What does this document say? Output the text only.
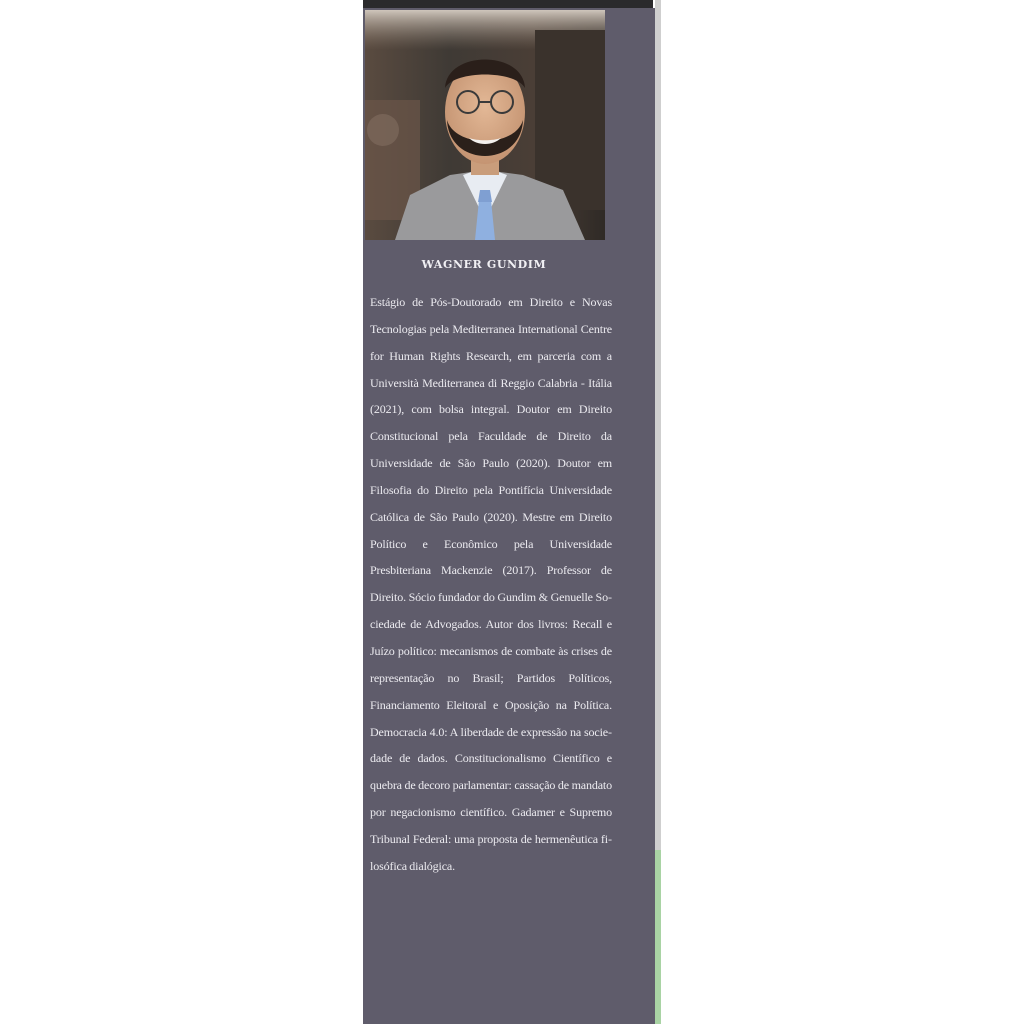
WAGNER GUNDIM
Estágio de Pós-Doutorado em Direito e Novas Tecnologias pela Mediterranea International Centre for Human Rights Research, em parceria com a Università Mediterranea di Reggio Calabria - Itália (2021), com bolsa integral. Doutor em Direito Constitucional pela Faculdade de Direito da Universidade de São Paulo (2020). Doutor em Filosofia do Direito pela Pontifícia Universidade Católica de São Paulo (2020). Mestre em Direito Político e Econômico pela Universidade Presbiteriana Mackenzie (2017). Professor de Direito. Sócio fundador do Gundim & Genuelle Sociedade de Advogados. Autor dos livros: Recall e Juízo político: mecanismos de combate às crises de representação no Brasil; Partidos Políticos, Financiamento Eleitoral e Oposição na Política. Democracia 4.0: A liberdade de expressão na sociedade de dados. Constitucionalismo Científico e quebra de decoro parlamentar: cassação de mandato por negacionismo científico. Gadamer e Supremo Tribunal Federal: uma proposta de hermenêutica filosófica dialógica.
